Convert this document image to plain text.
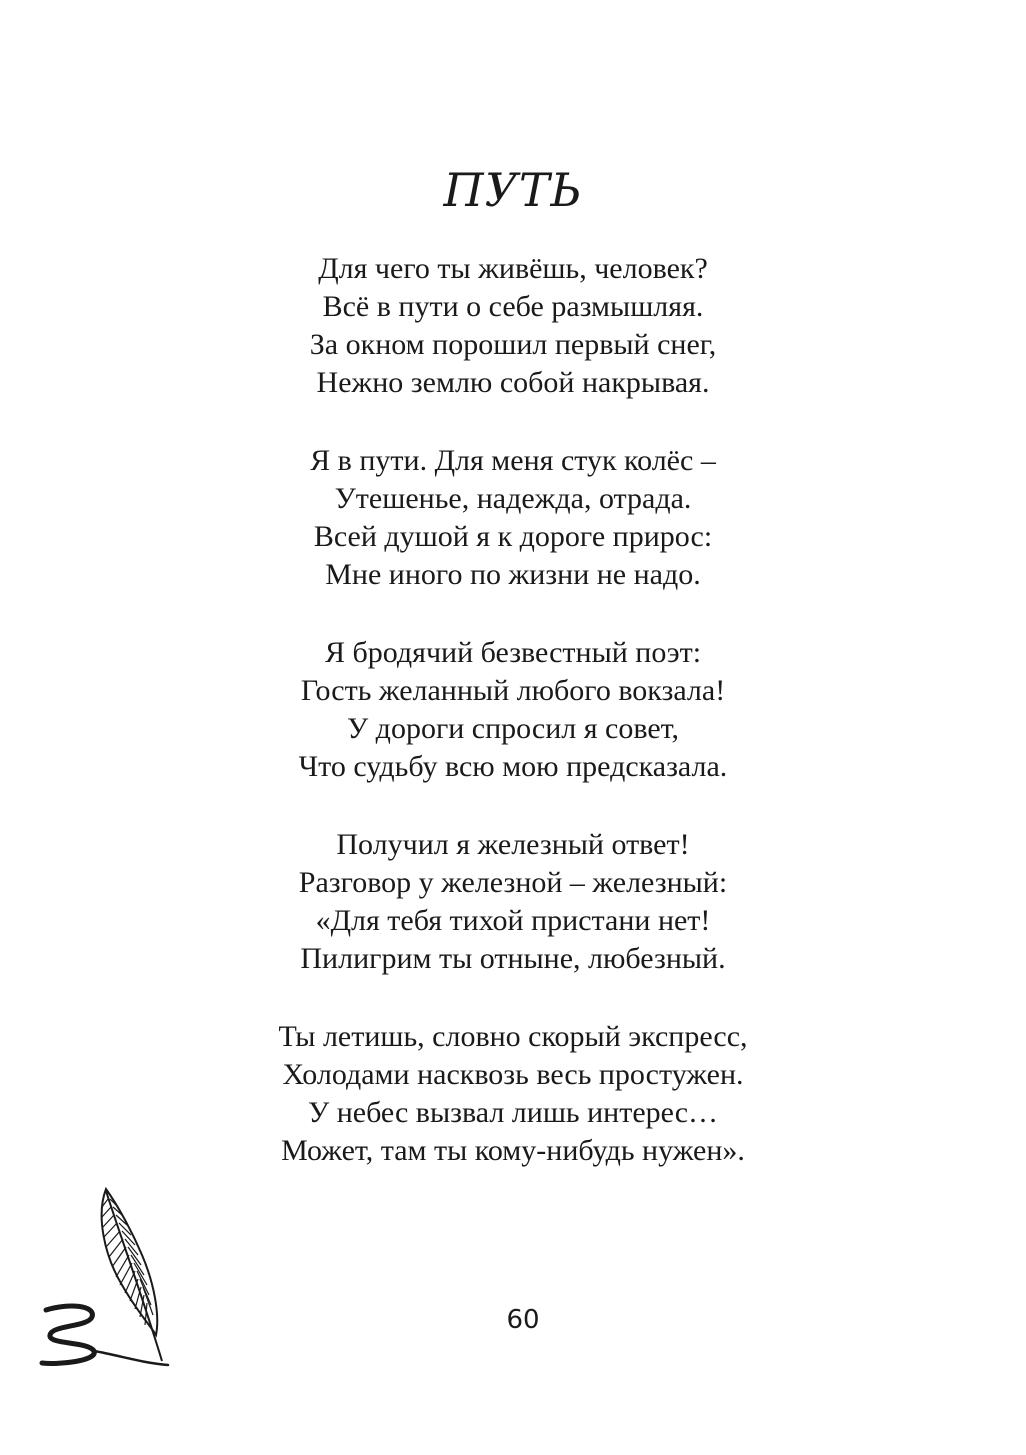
ПУТЬ
Для чего ты живёшь, человек?
Всё в пути о себе размышляя.
За окном порошил первый снег,
Нежно землю собой накрывая.
Я в пути. Для меня стук колёс –
Утешенье, надежда, отрада.
Всей душой я к дороге прирос:
Мне иного по жизни не надо.
Я бродячий безвестный поэт:
Гость желанный любого вокзала!
У дороги спросил я совет,
Что судьбу всю мою предсказала.
Получил я железный ответ!
Разговор у железной – железный:
«Для тебя тихой пристани нет!
Пилигрим ты отныне, любезный.
Ты летишь, словно скорый экспресс,
Холодами насквозь весь простужен.
У небес вызвал лишь интерес…
Может, там ты кому-нибудь нужен».
60
